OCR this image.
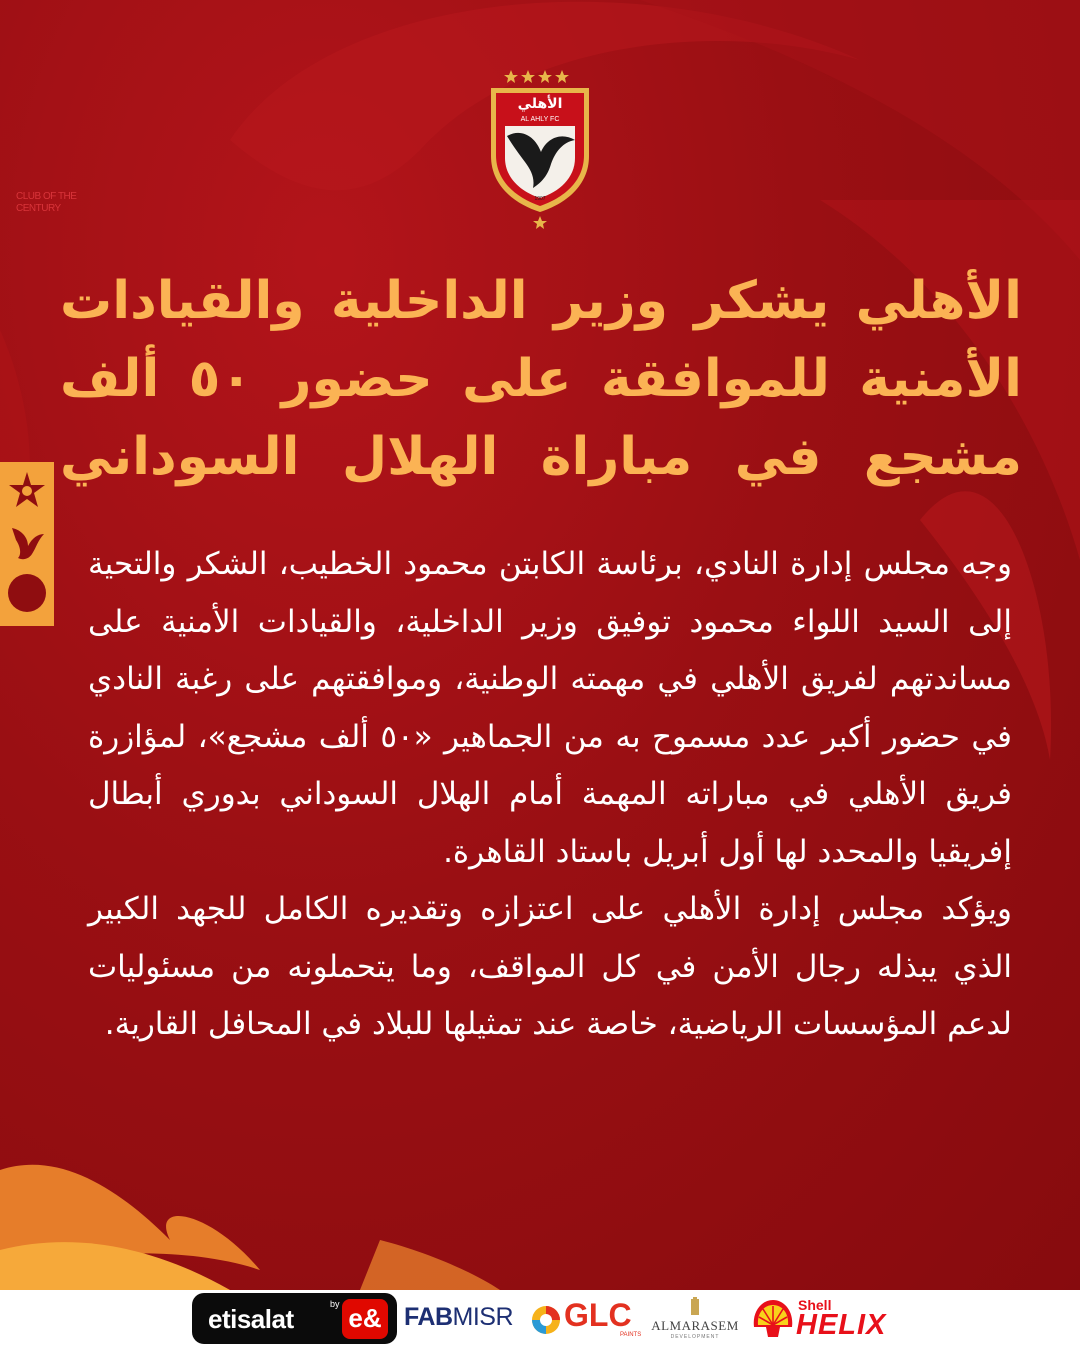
الأهلي
AL AHLY FC
1907
CLUB OF THE CENTURY
الأهلي يشكر وزير الداخلية والقيادات الأمنية للموافقة على حضور ٥٠ ألف مشجع في مباراة الهلال السوداني

وجه مجلس إدارة النادي، برئاسة الكابتن محمود الخطيب، الشكر والتحية إلى السيد اللواء محمود توفيق وزير الداخلية، والقيادات الأمنية على مساندتهم لفريق الأهلي في مهمته الوطنية، وموافقتهم على رغبة النادي في حضور أكبر عدد مسموح به من الجماهير «٥٠ ألف مشجع»، لمؤازرة فريق الأهلي في مباراته المهمة أمام الهلال السوداني بدوري أبطال إفريقيا والمحدد لها أول أبريل باستاد القاهرة.

ويؤكد مجلس إدارة الأهلي على اعتزازه وتقديره الكامل للجهد الكبير الذي يبذله رجال الأمن في كل المواقف، وما يتحملونه من مسئوليات لدعم المؤسسات الرياضية، خاصة عند تمثيلها للبلاد في المحافل القارية.

etisalat	by e& FABMISR GLC
PAINTS
ALMARASEM
DEVELOPMENT
Shell
HELIX
